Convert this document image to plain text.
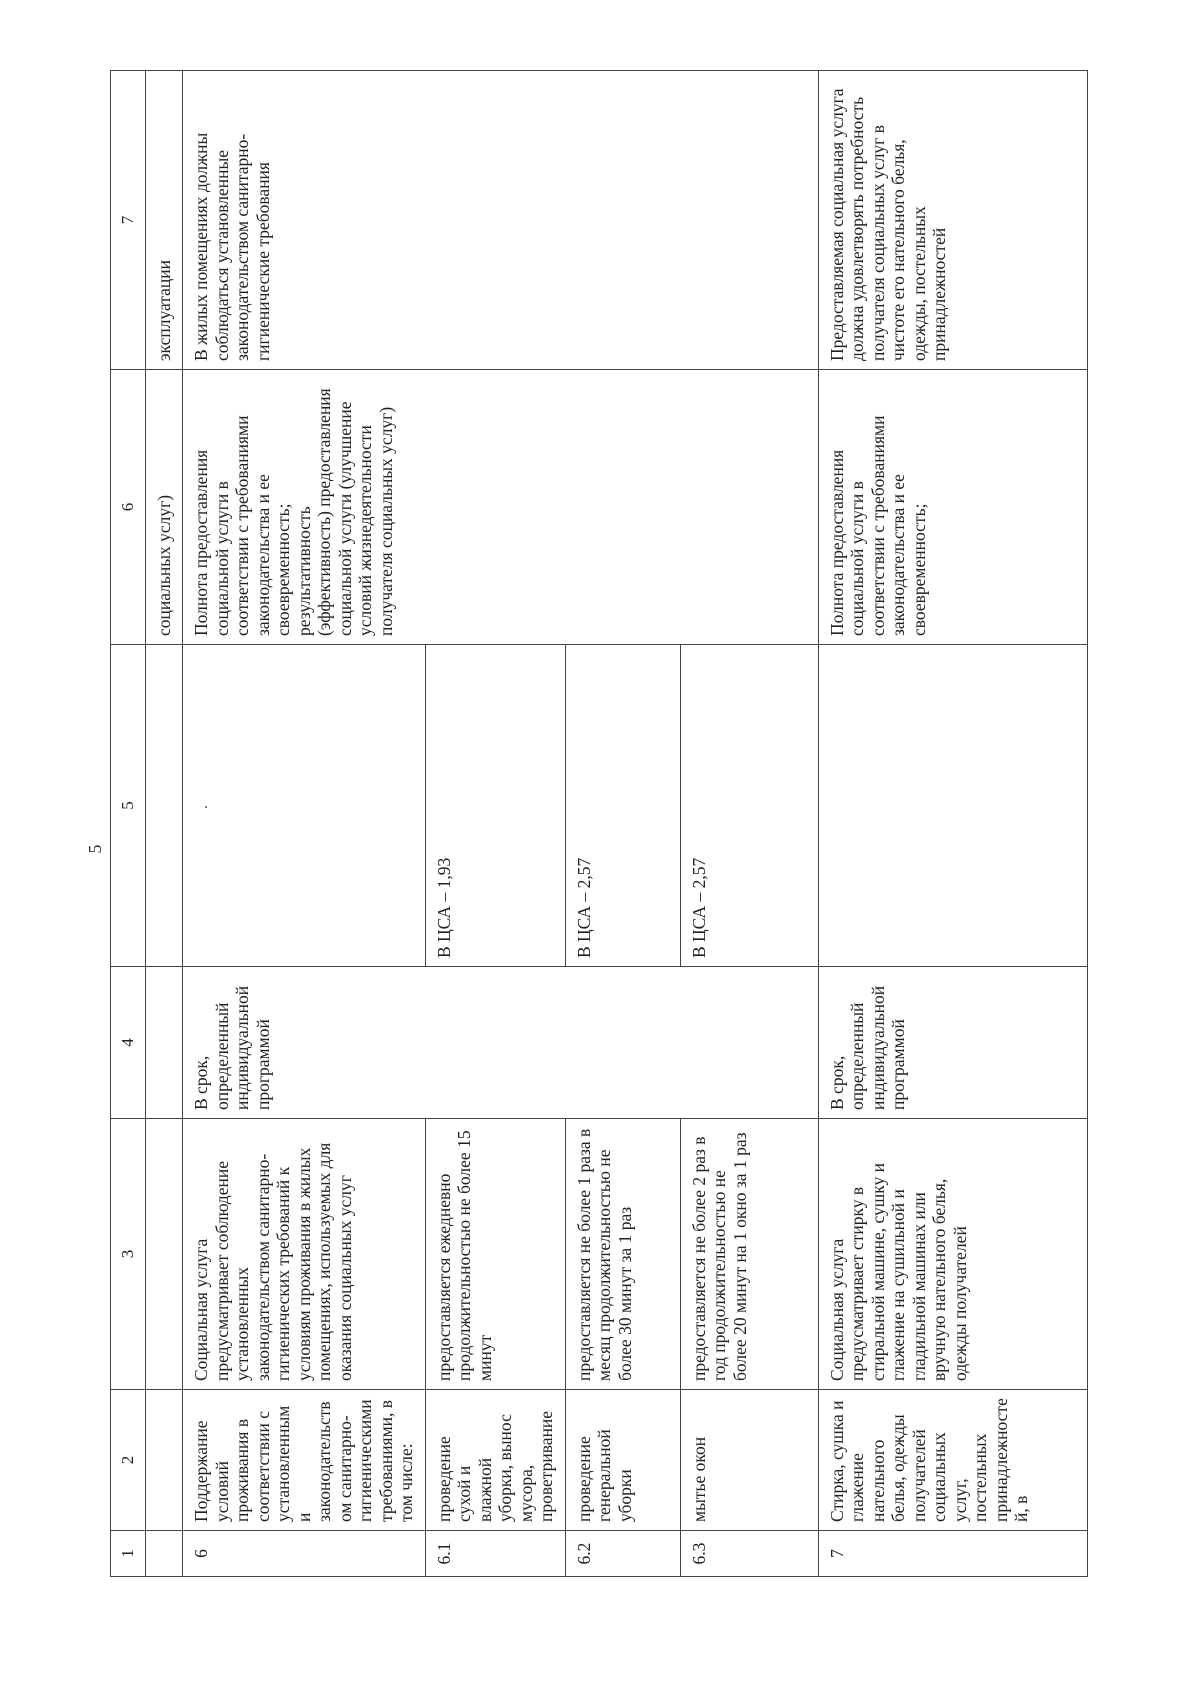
5
1	2	3	4	5	6	7
					социальных услуг)	эксплуатации
6	Поддержание условий проживания в соответствии с установленными законодательством санитарно-гигиеническими требованиями, в том числе:	Социальная услуга предусматривает соблюдение установленных законодательством санитарно-гигиенических требований к условиям проживания в жилых помещениях, используемых для оказания социальных услуг	В срок, определенный индивидуальной программой		Полнота предоставления социальной услуги в соответствии с требованиями законодательства и ее своевременность; результативность (эффективность) предоставления социальной услуги (улучшение условий жизнедеятельности получателя социальных услуг)	В жилых помещениях должны соблюдаться установленные законодательством санитарно-гигиенические требования
6.1	проведение сухой и влажной уборки, вынос мусора, проветривание	предоставляется ежедневно продолжительностью не более 15 минут		В ЦСА – 1,93		
6.2	проведение генеральной уборки	предоставляется не более 1 раза в месяц продолжительностью не более 30 минут за 1 раз		В ЦСА – 2,57		
6.3	мытье окон	предоставляется не более 2 раз в год продолжительностью не более 20 минут на 1 окно за 1 раз		В ЦСА – 2,57		
7	Стирка, сушка и глажение нательного белья, одежды получателей социальных услуг, постельных принадлежностей, в	Социальная услуга предусматривает стирку в стиральной машине, сушку и глажение на сушильной и гладильной машинах или вручную нательного белья, одежды получателей	В срок, определенный индивидуальной программой		Полнота предоставления социальной услуги в соответствии с требованиями законодательства и ее своевременность;	Предоставляемая социальная услуга должна удовлетворять потребность получателя социальных услуг в чистоте его нательного белья, одежды, постельных принадлежностей
